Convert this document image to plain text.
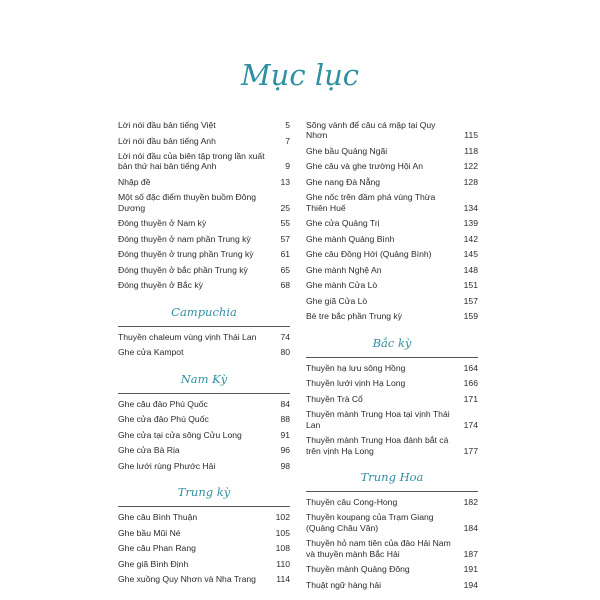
Mục lục
Lời nói đầu bản tiếng Việt	5
Lời nói đầu bản tiếng Anh	7
Lời nói đầu của biên tập trong lần xuất bản thứ hai bản tiếng Anh	9
Nhập đề	13
Một số đặc điểm thuyền buồm Đông Dương	25
Đóng thuyền ở Nam kỳ	55
Đóng thuyền ở nam phần Trung kỳ	57
Đóng thuyền ở trung phần Trung kỳ	61
Đóng thuyền ở bắc phần Trung kỳ	65
Đóng thuyền ở Bắc kỳ	68
Campuchia
Thuyền chaleum vùng vịnh Thái Lan	74
Ghe cửa Kampot	80
Nam Kỳ
Ghe câu đảo Phú Quốc	84
Ghe cửa đảo Phú Quốc	88
Ghe cửa tại cửa sông Cửu Long	91
Ghe cửa Bà Rịa	96
Ghe lưới rùng Phước Hải	98
Trung kỳ
Ghe câu Bình Thuận	102
Ghe bầu Mũi Né	105
Ghe câu Phan Rang	108
Ghe giã Bình Định	110
Ghe xuồng Quy Nhơn và Nha Trang	114
Sõng vành để câu cá mập tại Quy Nhơn	115
Ghe bầu Quảng Ngãi	118
Ghe câu và ghe trường Hội An	122
Ghe nang Đà Nẵng	128
Ghe nốc trên đầm phá vùng Thừa Thiên Huế	134
Ghe cửa Quảng Trị	139
Ghe mành Quảng Bình	142
Ghe câu Đồng Hới (Quảng Bình)	145
Ghe mành Nghệ An	148
Ghe mành Cửa Lò	151
Ghe giã Cửa Lò	157
Bè tre bắc phần Trung kỳ	159
Bắc kỳ
Thuyền hạ lưu sông Hồng	164
Thuyền lưới vịnh Hạ Long	166
Thuyền Trà Cổ	171
Thuyền mành Trung Hoa tại vịnh Thái Lan	174
Thuyền mành Trung Hoa đánh bắt cá trên vịnh Hạ Long	177
Trung Hoa
Thuyền câu Cong-Hong	182
Thuyền koupang của Trạm Giang (Quảng Châu Văn)	184
Thuyền hỏ nam tiên của đảo Hải Nam và thuyền mành Bắc Hải	187
Thuyền mành Quảng Đông	191
Thuật ngữ hàng hải	194
